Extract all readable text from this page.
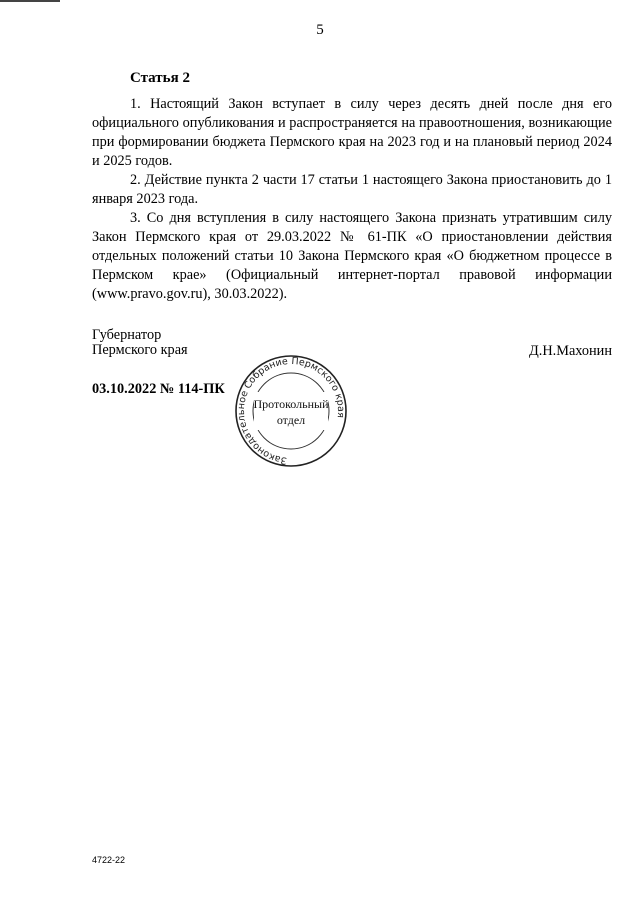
5
Статья 2

1. Настоящий Закон вступает в силу через десять дней после дня его официального опубликования и распространяется на правоотношения, возникающие при формировании бюджета Пермского края на 2023 год и на плановый период 2024 и 2025 годов.

2. Действие пункта 2 части 17 статьи 1 настоящего Закона приостановить до 1 января 2023 года.

3. Со дня вступления в силу настоящего Закона признать утратившим силу Закон Пермского края от 29.03.2022 № 61-ПК «О приостановлении действия отдельных положений статьи 10 Закона Пермского края «О бюджетном процессе в Пермском крае» (Официальный интернет-портал правовой информации (www.pravo.gov.ru), 30.03.2022).

Губернатор
Пермского края	Д.Н.Махонин
03.10.2022 № 114-ПК
Законодательное Собрание Пермского края
Протокольный
отдел
4722-22
